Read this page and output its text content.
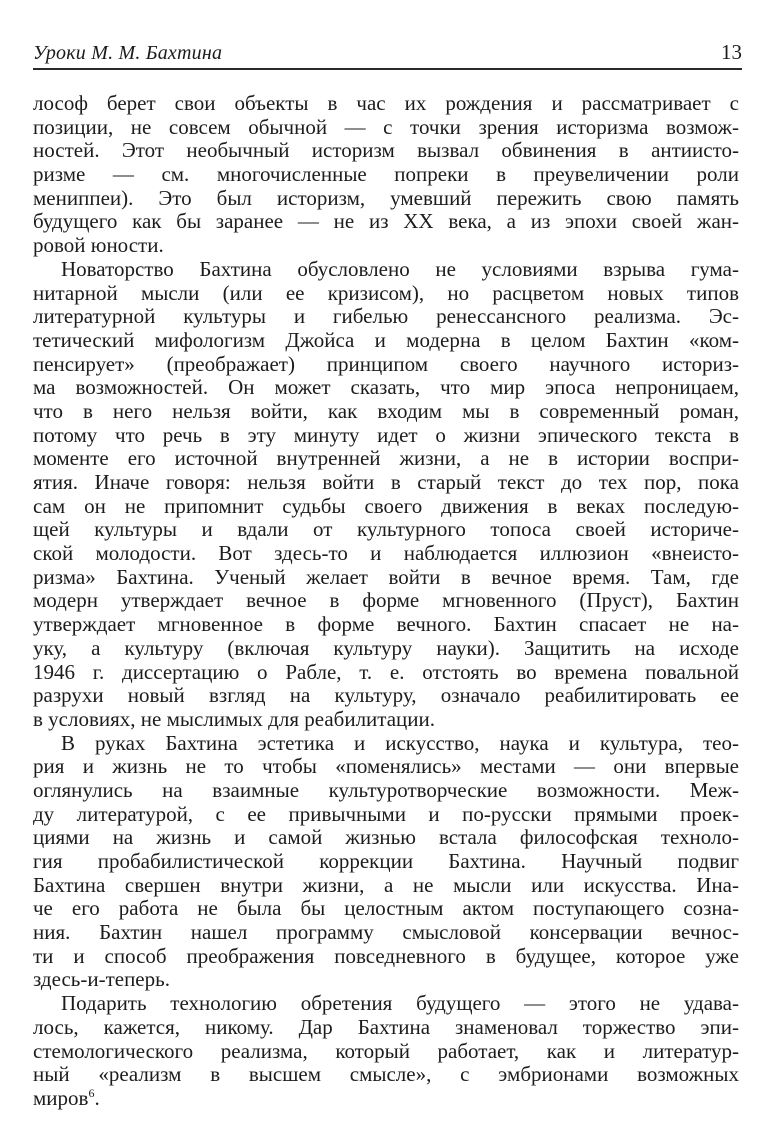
Уроки М. М. Бахтина	13
лософ берет свои объекты в час их рождения и рассматривает с
позиции, не совсем обычной — с точки зрения историзма возмож-
ностей. Этот необычный историзм вызвал обвинения в антиисто-
ризме — см. многочисленные попреки в преувеличении роли
мениппеи). Это был историзм, умевший пережить свою память
будущего как бы заранее — не из XX века, а из эпохи своей жан-
ровой юности.
Новаторство Бахтина обусловлено не условиями взрыва гума-
нитарной мысли (или ее кризисом), но расцветом новых типов
литературной культуры и гибелью ренессансного реализма. Эс-
тетический мифологизм Джойса и модерна в целом Бахтин «ком-
пенсирует» (преображает) принципом своего научного историз-
ма возможностей. Он может сказать, что мир эпоса непроницаем,
что в него нельзя войти, как входим мы в современный роман,
потому что речь в эту минуту идет о жизни эпического текста в
моменте его источной внутренней жизни, а не в истории воспри-
ятия. Иначе говоря: нельзя войти в старый текст до тех пор, пока
сам он не припомнит судьбы своего движения в веках последую-
щей культуры и вдали от культурного топоса своей историче-
ской молодости. Вот здесь-то и наблюдается иллюзион «внеисто-
ризма» Бахтина. Ученый желает войти в вечное время. Там, где
модерн утверждает вечное в форме мгновенного (Пруст), Бахтин
утверждает мгновенное в форме вечного. Бахтин спасает не на-
уку, а культуру (включая культуру науки). Защитить на исходе
1946 г. диссертацию о Рабле, т. е. отстоять во времена повальной
разрухи новый взгляд на культуру, означало реабилитировать ее
в условиях, не мыслимых для реабилитации.
В руках Бахтина эстетика и искусство, наука и культура, тео-
рия и жизнь не то чтобы «поменялись» местами — они впервые
оглянулись на взаимные культуротворческие возможности. Меж-
ду литературой, с ее привычными и по-русски прямыми проек-
циями на жизнь и самой жизнью встала философская техноло-
гия пробабилистической коррекции Бахтина. Научный подвиг
Бахтина свершен внутри жизни, а не мысли или искусства. Ина-
че его работа не была бы целостным актом поступающего созна-
ния. Бахтин нашел программу смысловой консервации вечнос-
ти и способ преображения повседневного в будущее, которое уже
здесь-и-теперь.
Подарить технологию обретения будущего — этого не удава-
лось, кажется, никому. Дар Бахтина знаменовал торжество эпи-
стемологического реализма, который работает, как и литератур-
ный «реализм в высшем смысле», с эмбрионами возможных
миров$^6$.
